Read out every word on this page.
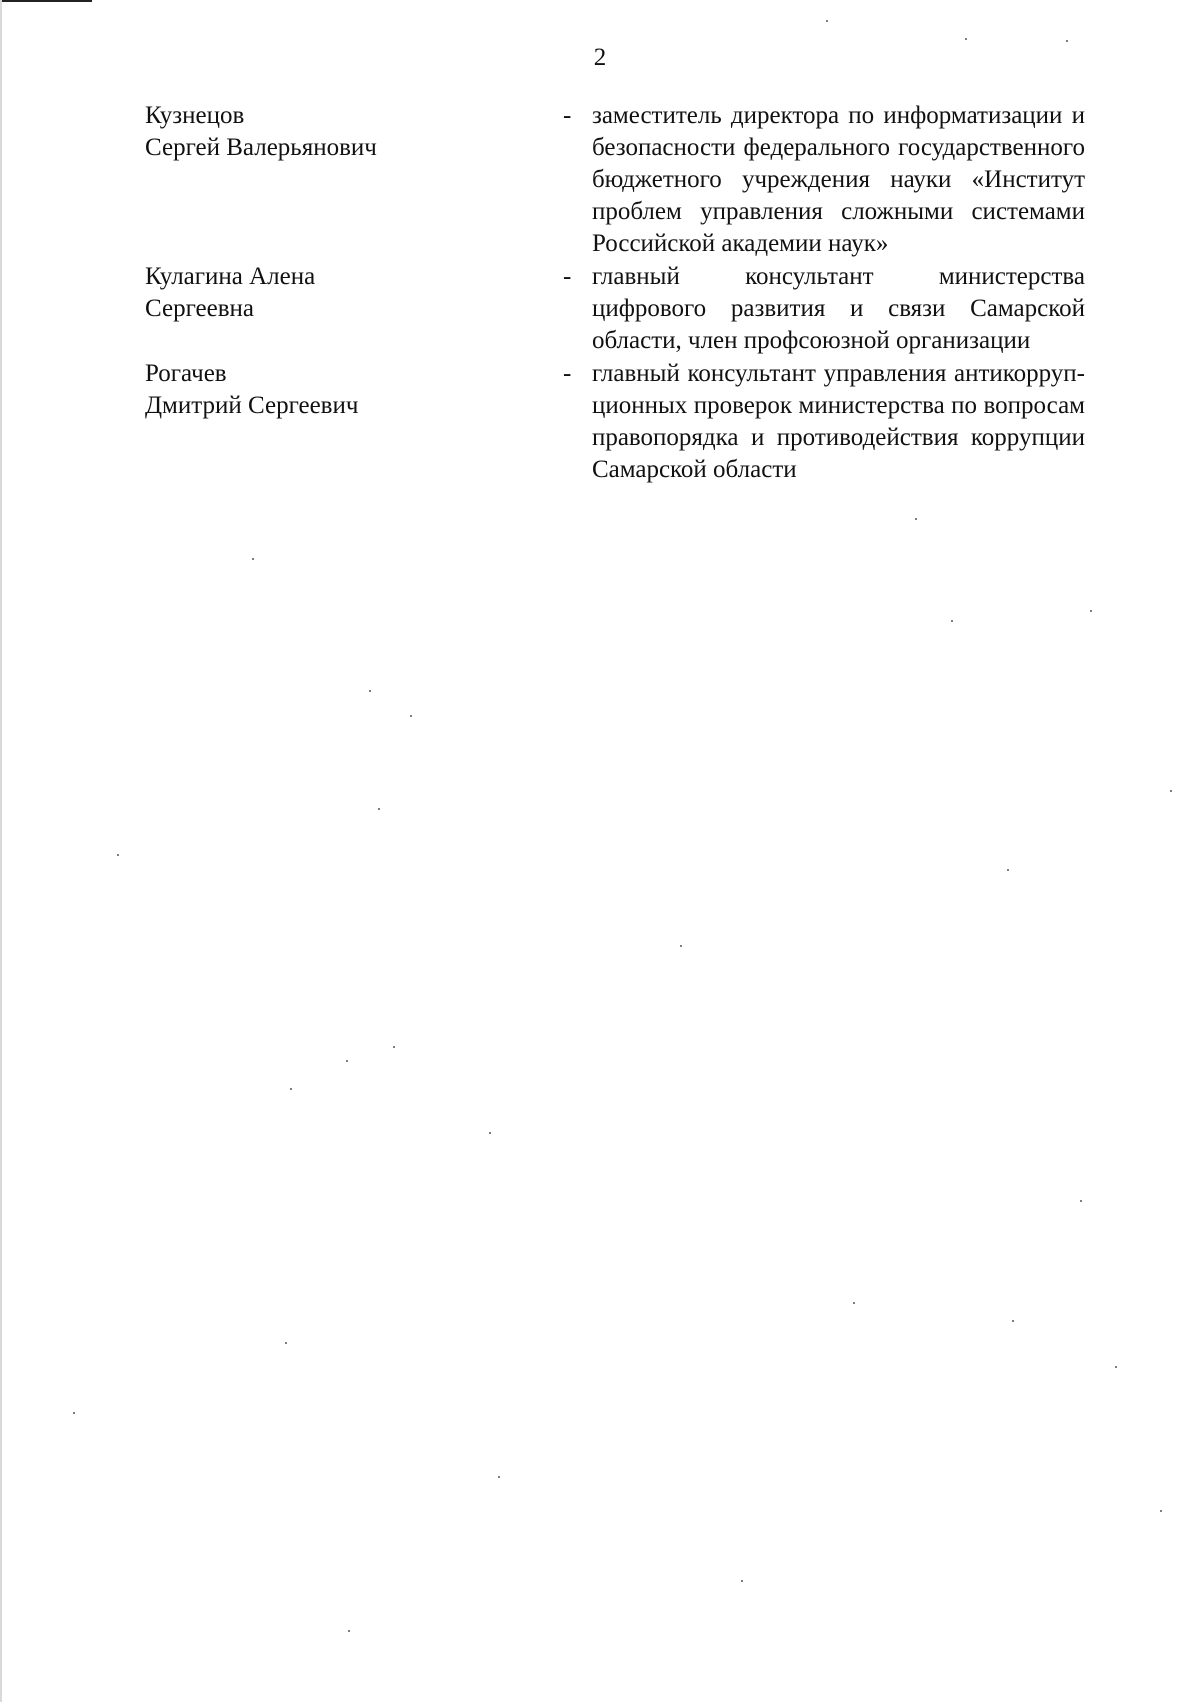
2
Кузнецов
Сергей Валерьянович
- заместитель директора по информатизации и безопасности федерального государственного бюджетного учреждения науки «Институт проблем управления сложными системами Российской академии наук»
Кулагина Алена
Сергеевна
- главный консультант министерства цифрового развития и связи Самарской области, член профсоюзной организации
Рогачев
Дмитрий Сергеевич
- главный консультант управления антикорруп-ционных проверок министерства по вопросам правопорядка и противодействия коррупции Самарской области
